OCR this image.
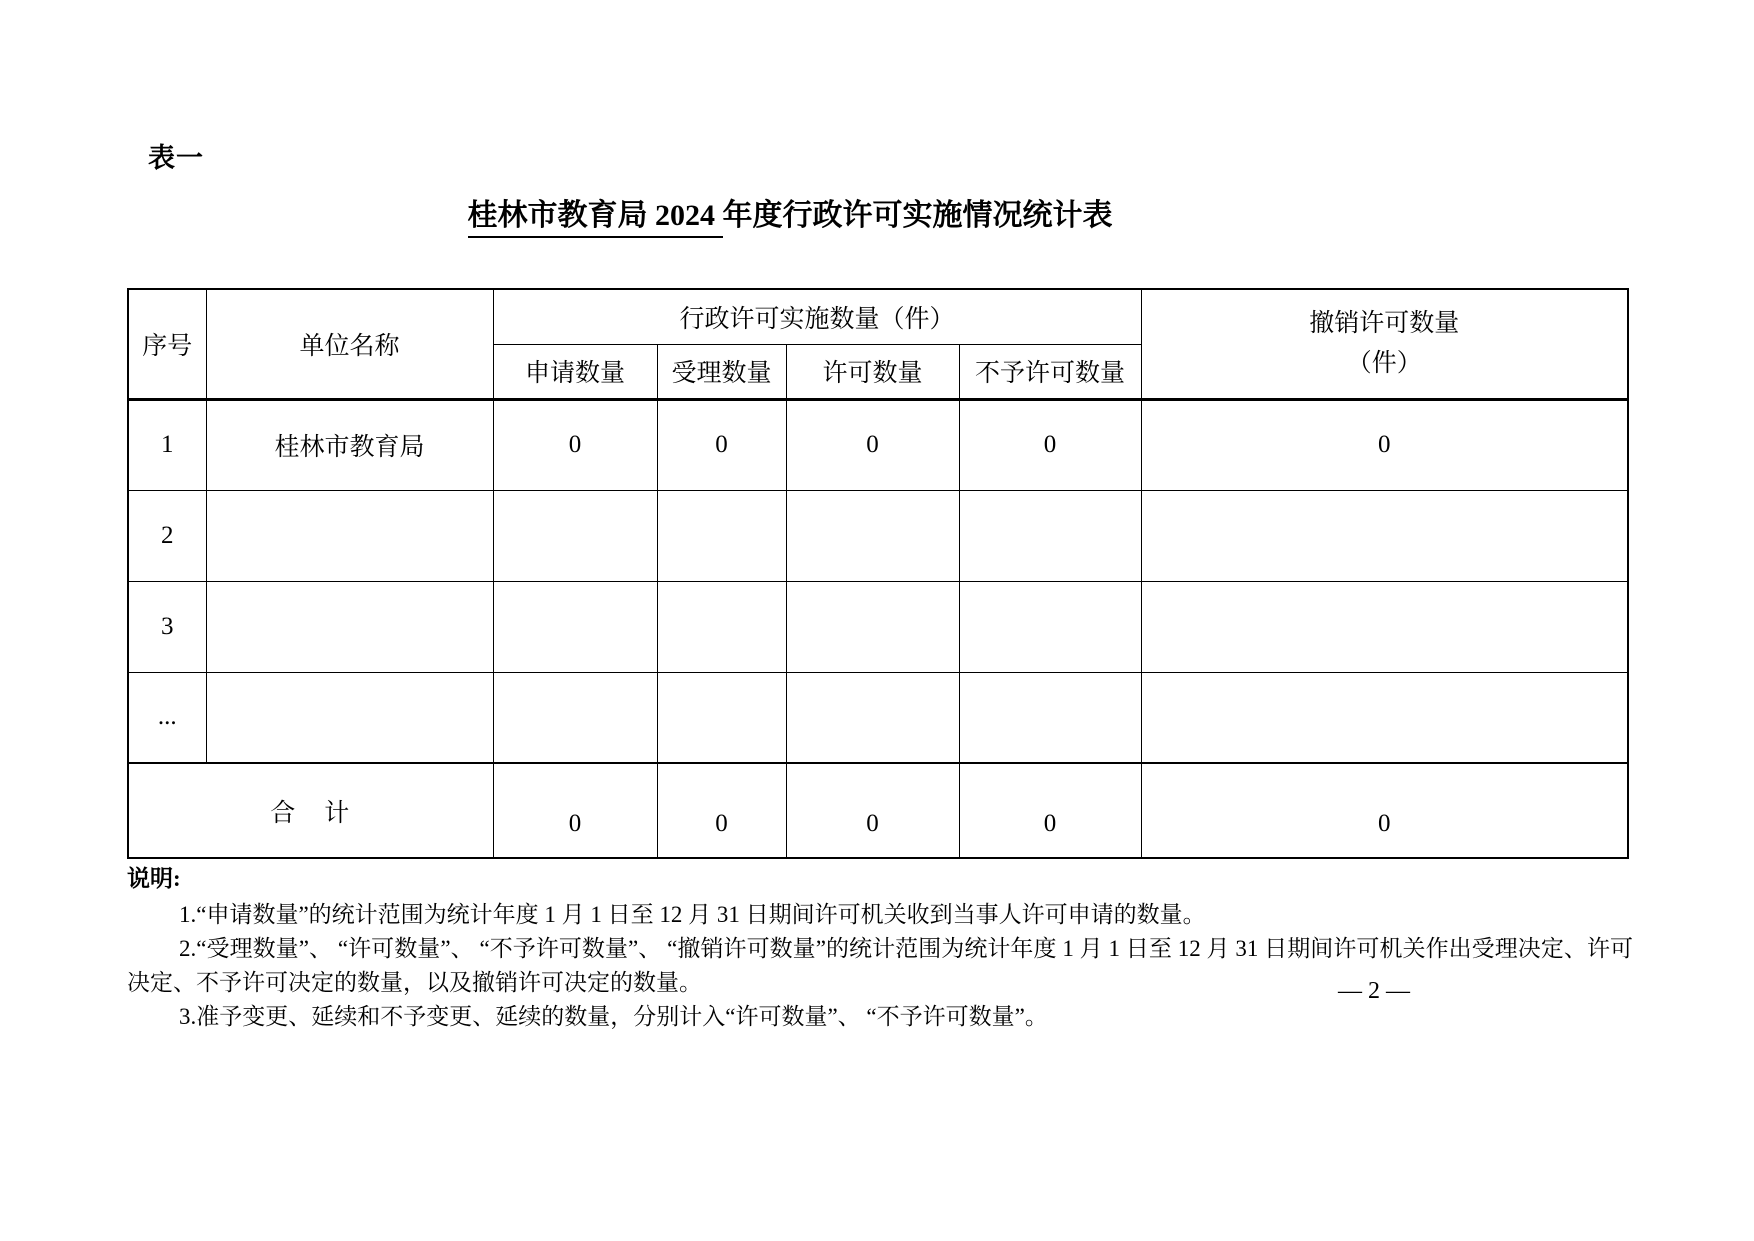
表一
桂林市教育局 2024 年度行政许可实施情况统计表
序号	单位名称	行政许可实施数量（件）				撤销许可数量
（件）

		申请数量	受理数量	许可数量	不予许可数量	
1	桂林市教育局	0	0	0	0	0
2						
3						
...						
合　计		0	0	0	0	0
说明:

1.“申请数量”的统计范围为统计年度 1 月 1 日至 12 月 31 日期间许可机关收到当事人许可申请的数量。

2.“受理数量”、 “许可数量”、 “不予许可数量”、 “撤销许可数量”的统计范围为统计年度 1 月 1 日至 12 月 31 日期间许可机关作出受理决定、许可决定、不予许可决定的数量，以及撤销许可决定的数量。

3.准予变更、延续和不予变更、延续的数量，分别计入“许可数量”、 “不予许可数量”。

— 2 —
